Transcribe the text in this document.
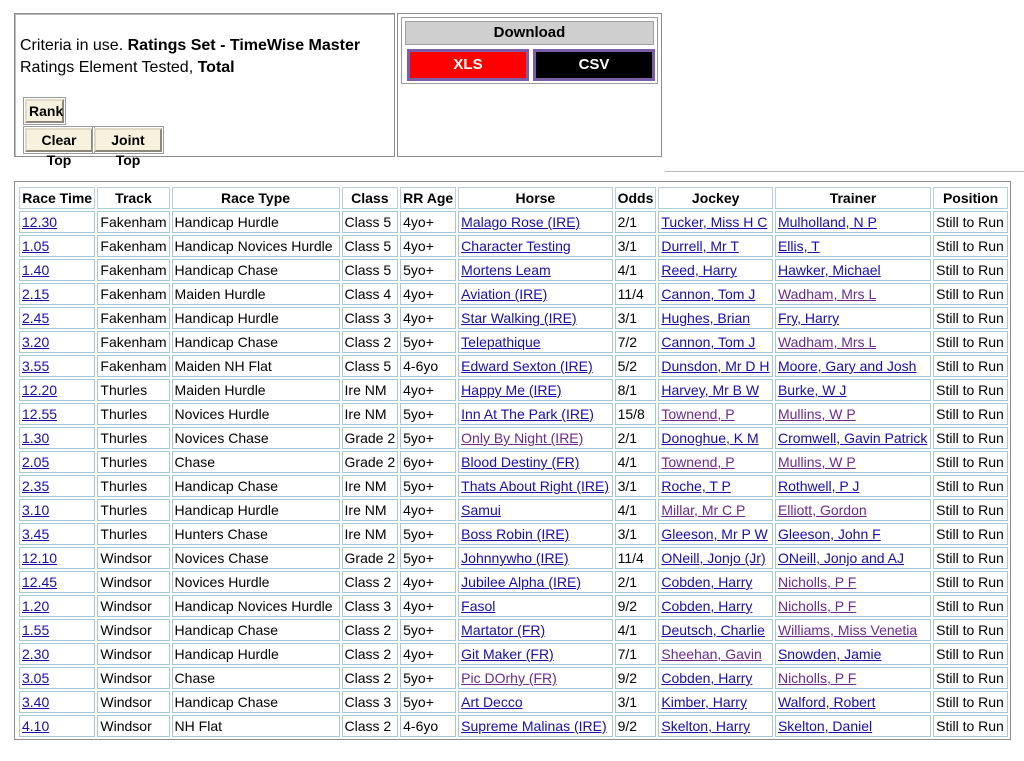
Criteria in use. Ratings Set - TimeWise Master
Ratings Element Tested, Total
Rank
Clear Top
Joint Top
Download
XLS	CSV
Race Time	Track	Race Type	Class	RR Age	Horse	Odds	Jockey	Trainer	Position
12.30	Fakenham	Handicap Hurdle	Class 5	4yo+	Malago Rose (IRE)	2/1	Tucker, Miss H C	Mulholland, N P	Still to Run
1.05	Fakenham	Handicap Novices Hurdle	Class 5	4yo+	Character Testing	3/1	Durrell, Mr T	Ellis, T	Still to Run
1.40	Fakenham	Handicap Chase	Class 5	5yo+	Mortens Leam	4/1	Reed, Harry	Hawker, Michael	Still to Run
2.15	Fakenham	Maiden Hurdle	Class 4	4yo+	Aviation (IRE)	11/4	Cannon, Tom J	Wadham, Mrs L	Still to Run
2.45	Fakenham	Handicap Hurdle	Class 3	4yo+	Star Walking (IRE)	3/1	Hughes, Brian	Fry, Harry	Still to Run
3.20	Fakenham	Handicap Chase	Class 2	5yo+	Telepathique	7/2	Cannon, Tom J	Wadham, Mrs L	Still to Run
3.55	Fakenham	Maiden NH Flat	Class 5	4-6yo	Edward Sexton (IRE)	5/2	Dunsdon, Mr D H	Moore, Gary and Josh	Still to Run
12.20	Thurles	Maiden Hurdle	Ire NM	4yo+	Happy Me (IRE)	8/1	Harvey, Mr B W	Burke, W J	Still to Run
12.55	Thurles	Novices Hurdle	Ire NM	5yo+	Inn At The Park (IRE)	15/8	Townend, P	Mullins, W P	Still to Run
1.30	Thurles	Novices Chase	Grade 2	5yo+	Only By Night (IRE)	2/1	Donoghue, K M	Cromwell, Gavin Patrick	Still to Run
2.05	Thurles	Chase	Grade 2	6yo+	Blood Destiny (FR)	4/1	Townend, P	Mullins, W P	Still to Run
2.35	Thurles	Handicap Chase	Ire NM	5yo+	Thats About Right (IRE)	3/1	Roche, T P	Rothwell, P J	Still to Run
3.10	Thurles	Handicap Hurdle	Ire NM	4yo+	Samui	4/1	Millar, Mr C P	Elliott, Gordon	Still to Run
3.45	Thurles	Hunters Chase	Ire NM	5yo+	Boss Robin (IRE)	3/1	Gleeson, Mr P W	Gleeson, John F	Still to Run
12.10	Windsor	Novices Chase	Grade 2	5yo+	Johnnywho (IRE)	11/4	ONeill, Jonjo (Jr)	ONeill, Jonjo and AJ	Still to Run
12.45	Windsor	Novices Hurdle	Class 2	4yo+	Jubilee Alpha (IRE)	2/1	Cobden, Harry	Nicholls, P F	Still to Run
1.20	Windsor	Handicap Novices Hurdle	Class 3	4yo+	Fasol	9/2	Cobden, Harry	Nicholls, P F	Still to Run
1.55	Windsor	Handicap Chase	Class 2	5yo+	Martator (FR)	4/1	Deutsch, Charlie	Williams, Miss Venetia	Still to Run
2.30	Windsor	Handicap Hurdle	Class 2	4yo+	Git Maker (FR)	7/1	Sheehan, Gavin	Snowden, Jamie	Still to Run
3.05	Windsor	Chase	Class 2	5yo+	Pic DOrhy (FR)	9/2	Cobden, Harry	Nicholls, P F	Still to Run
3.40	Windsor	Handicap Chase	Class 3	5yo+	Art Decco	3/1	Kimber, Harry	Walford, Robert	Still to Run
4.10	Windsor	NH Flat	Class 2	4-6yo	Supreme Malinas (IRE)	9/2	Skelton, Harry	Skelton, Daniel	Still to Run
